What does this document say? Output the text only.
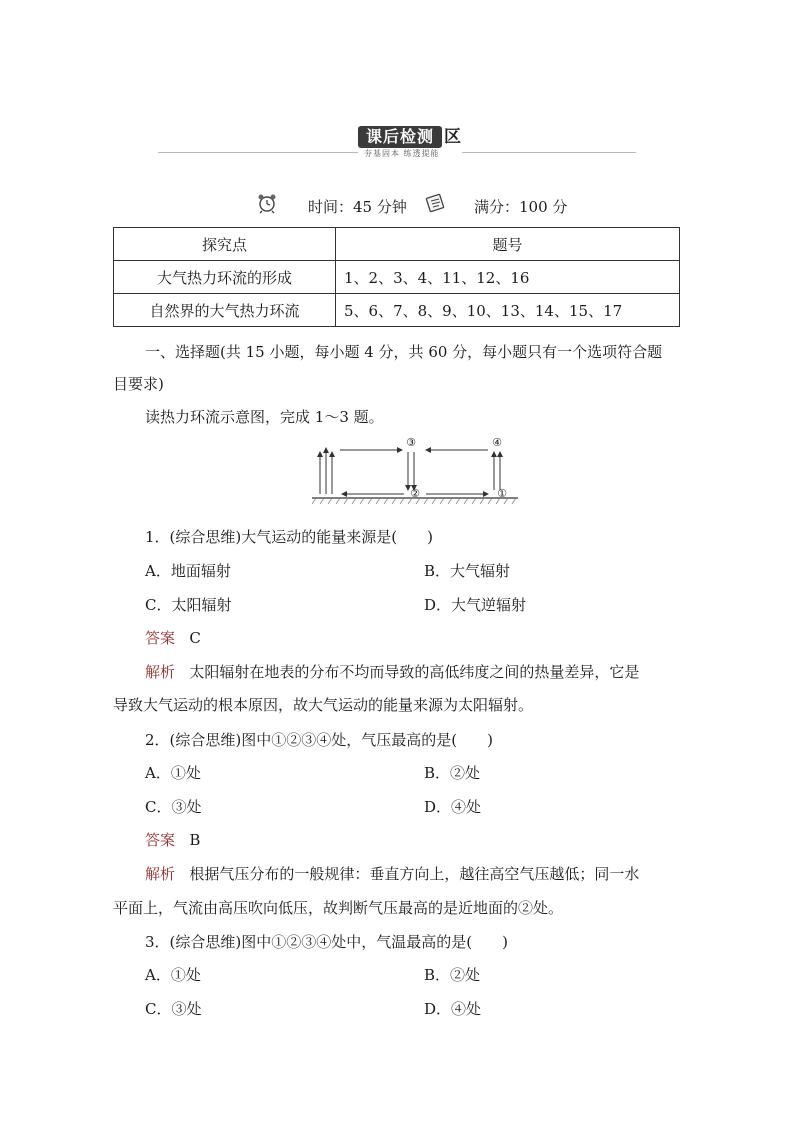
课后检测 区
夯基固本 练透提能
时间：45 分钟	满分：100 分
探究点	题号
大气热力环流的形成	1、2、3、4、11、12、16
自然界的大气热力环流	5、6、7、8、9、10、13、14、15、17
一、选择题(共 15 小题，每小题 4 分，共 60 分，每小题只有一个选项符合题
目要求)
读热力环流示意图，完成 1～3 题。
③	④
②	①
1．(综合思维)大气运动的能量来源是(　　)
A．地面辐射	B．大气辐射
C．太阳辐射	D．大气逆辐射
答案 C
解析 太阳辐射在地表的分布不均而导致的高低纬度之间的热量差异，它是
导致大气运动的根本原因，故大气运动的能量来源为太阳辐射。
2．(综合思维)图中①②③④处，气压最高的是(　　)
A．①处	B．②处
C．③处	D．④处
答案 B
解析 根据气压分布的一般规律：垂直方向上，越往高空气压越低；同一水
平面上，气流由高压吹向低压，故判断气压最高的是近地面的②处。
3．(综合思维)图中①②③④处中，气温最高的是(　　)
A．①处	B．②处
C．③处	D．④处
